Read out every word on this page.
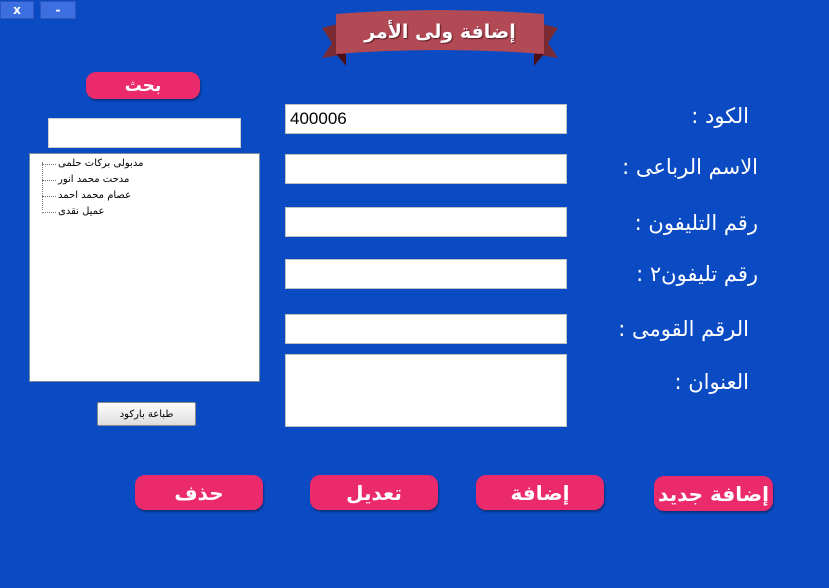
x	-
إضافة ولى الأمر
بحث
مدبولى بركات حلمى
مدحت محمد انور
عصام محمد احمد
عميل نقدى
طباعة باركود
400006	الكود :
الاسم الرباعى :
رقم التليفون :
رقم تليفون٢ :
الرقم القومى :
العنوان :
حذف	تعديل	إضافة	إضافة جديد
